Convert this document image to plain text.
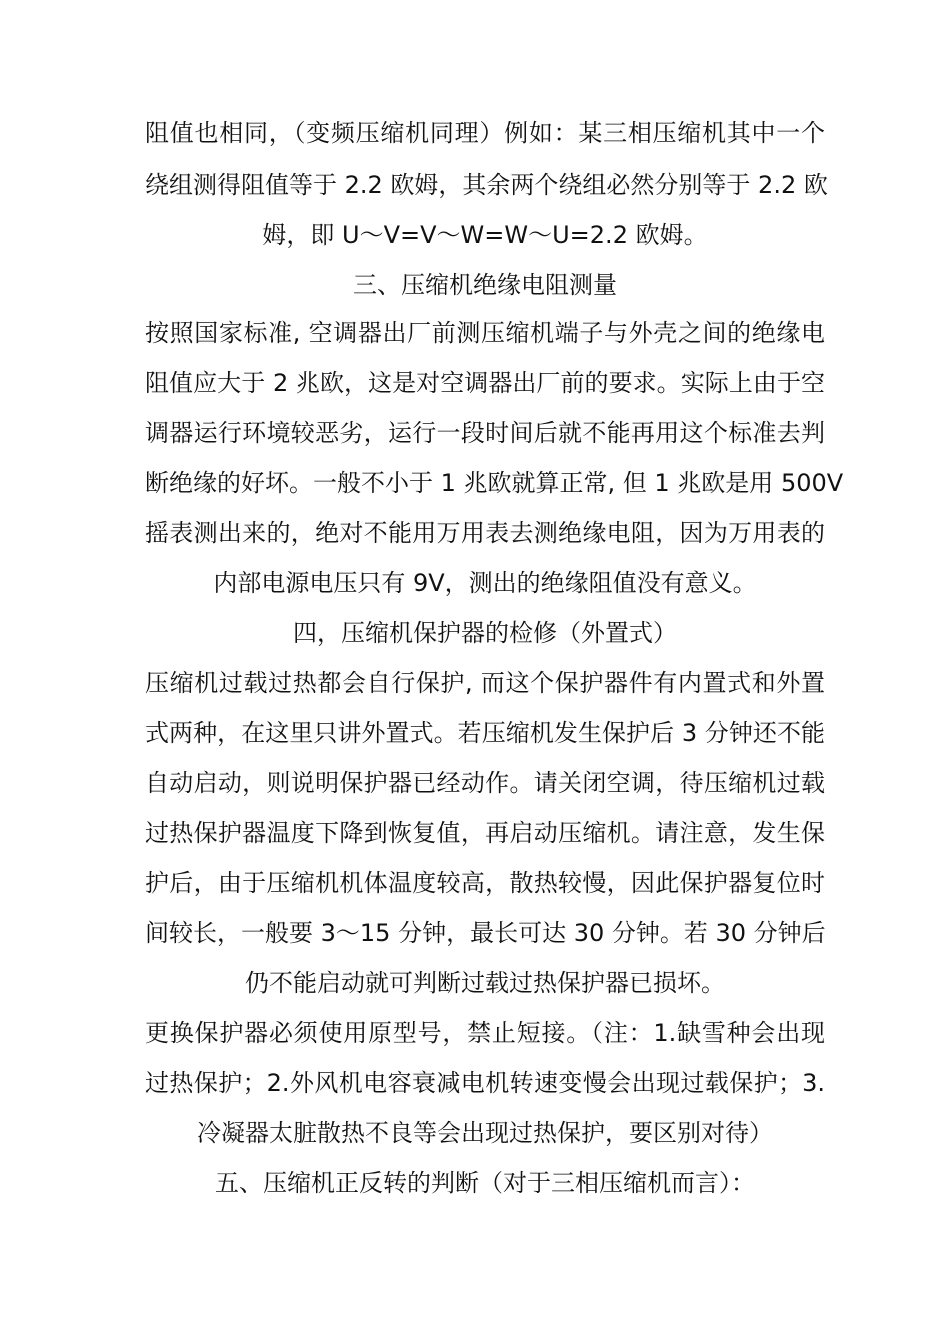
阻值也相同，（变频压缩机同理）例如：某三相压缩机其中一个
绕组测得阻值等于 2.2 欧姆，其余两个绕组必然分别等于 2.2 欧
姆，即 U～V=V～W=W～U=2.2 欧姆。
三、压缩机绝缘电阻测量
按照国家标准, 空调器出厂前测压缩机端子与外壳之间的绝缘电
阻值应大于 2 兆欧，这是对空调器出厂前的要求。实际上由于空
调器运行环境较恶劣，运行一段时间后就不能再用这个标准去判
断绝缘的好坏。一般不小于 1 兆欧就算正常, 但 1 兆欧是用 500V
摇表测出来的，绝对不能用万用表去测绝缘电阻，因为万用表的
内部电源电压只有 9V，测出的绝缘阻值没有意义。
四，压缩机保护器的检修（外置式）
压缩机过载过热都会自行保护, 而这个保护器件有内置式和外置
式两种，在这里只讲外置式。若压缩机发生保护后 3 分钟还不能
自动启动，则说明保护器已经动作。请关闭空调，待压缩机过载
过热保护器温度下降到恢复值，再启动压缩机。请注意，发生保
护后，由于压缩机机体温度较高，散热较慢，因此保护器复位时
间较长，一般要 3～15 分钟，最长可达 30 分钟。若 30 分钟后
仍不能启动就可判断过载过热保护器已损坏。
更换保护器必须使用原型号，禁止短接。（注：1.缺雪种会出现
过热保护；2.外风机电容衰减电机转速变慢会出现过载保护；3.
冷凝器太脏散热不良等会出现过热保护，要区别对待）
五、压缩机正反转的判断（对于三相压缩机而言）：
